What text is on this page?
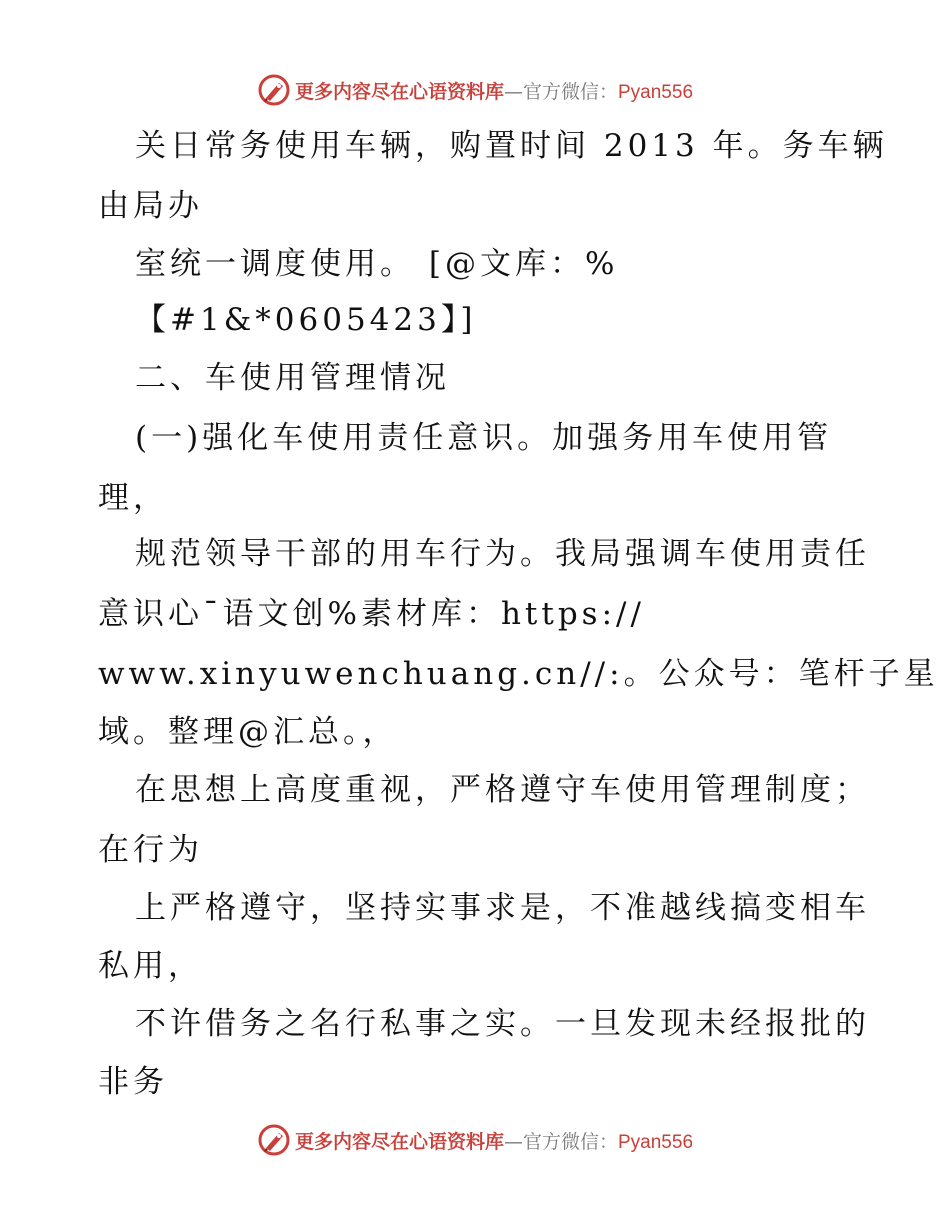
更多内容尽在心语资料库 —官方微信： Pyan556
关日常务使用车辆，购置时间 2013 年。务车辆
由局办
室统一调度使用。 [@文库：%
【#1&*0605423】]
二、车使用管理情况
(一)强化车使用责任意识。加强务用车使用管
理，
规范领导干部的用车行为。我局强调车使用责任
意识心¯语文创%素材库：https://
www.xinyuwenchuang.cn//:。公众号：笔杆子星
域。整理@汇总。，
在思想上高度重视，严格遵守车使用管理制度；
在行为
上严格遵守，坚持实事求是，不准越线搞变相车
私用，
不许借务之名行私事之实。一旦发现未经报批的
非务
更多内容尽在心语资料库 —官方微信： Pyan556
